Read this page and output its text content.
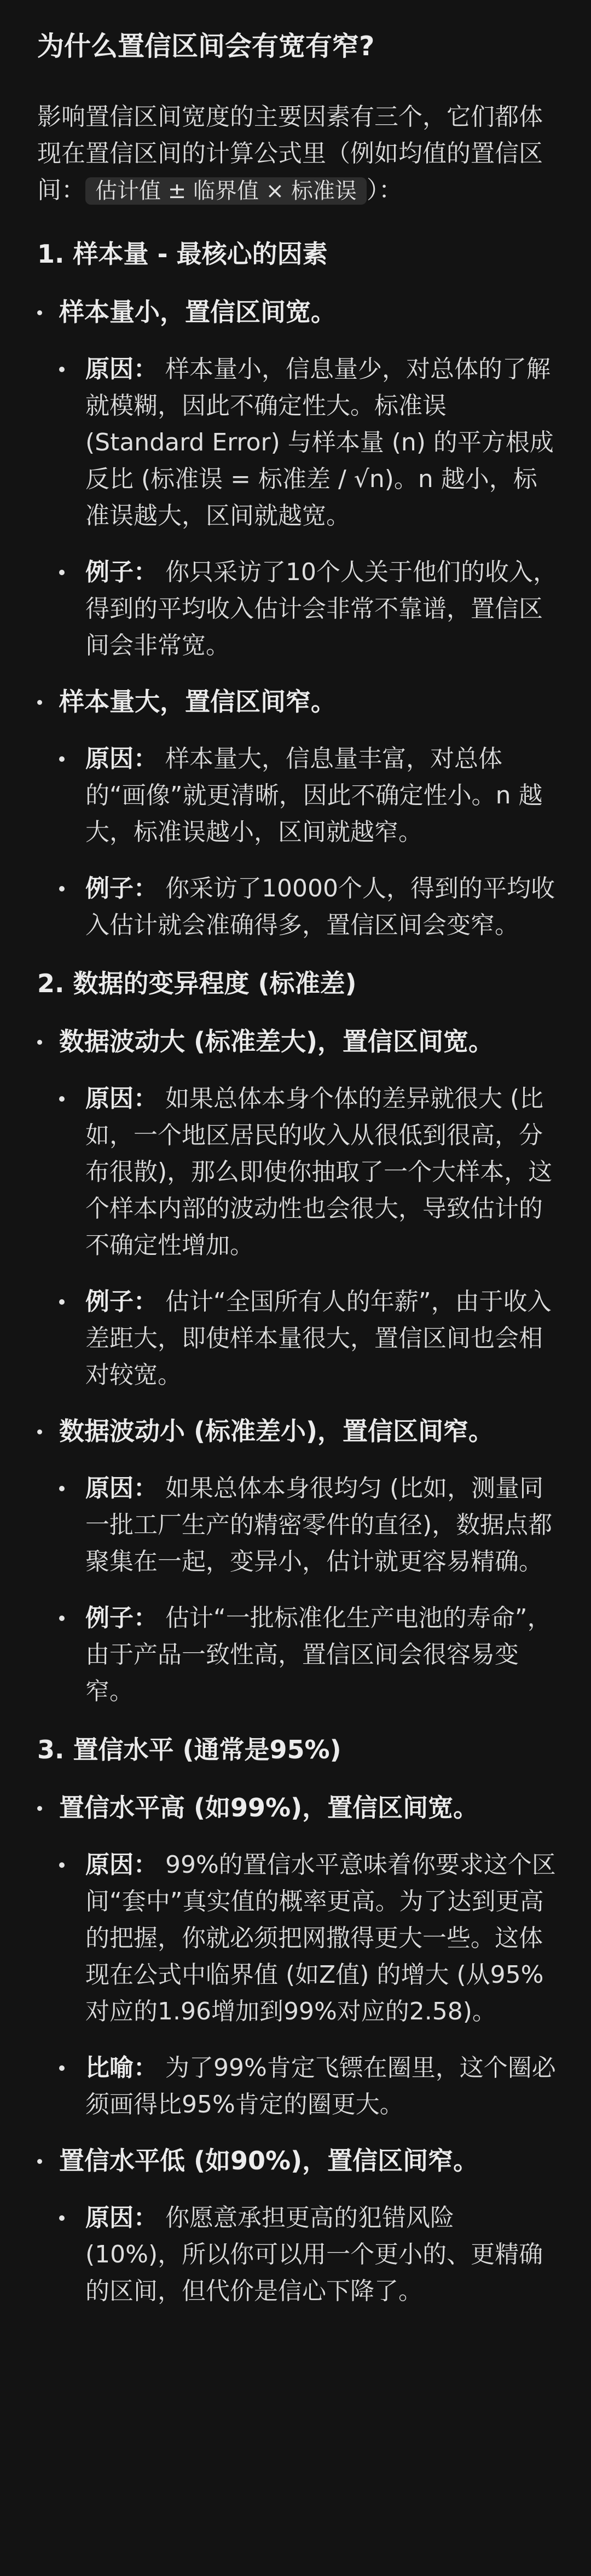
为什么置信区间会有宽有窄?
影响置信区间宽度的主要因素有三个，它们都体现在置信区间的计算公式里（例如均值的置信区间： 估计值 ± 临界值 × 标准误 ）：
1. 样本量 - 最核心的因素
样本量小，置信区间宽。
原因： 样本量小，信息量少，对总体的了解就模糊，因此不确定性大。标准误 (Standard Error) 与样本量 (n) 的平方根成反比 (标准误 = 标准差 / √n)。n 越小，标准误越大，区间就越宽。
例子： 你只采访了10个人关于他们的收入，得到的平均收入估计会非常不靠谱，置信区间会非常宽。
样本量大，置信区间窄。
原因： 样本量大，信息量丰富，对总体的“画像”就更清晰，因此不确定性小。n 越大，标准误越小，区间就越窄。
例子： 你采访了10000个人，得到的平均收入估计就会准确得多，置信区间会变窄。
2. 数据的变异程度 (标准差)
数据波动大 (标准差大)，置信区间宽。
原因： 如果总体本身个体的差异就很大 (比如，一个地区居民的收入从很低到很高，分布很散)，那么即使你抽取了一个大样本，这个样本内部的波动性也会很大，导致估计的不确定性增加。
例子： 估计“全国所有人的年薪”，由于收入差距大，即使样本量很大，置信区间也会相对较宽。
数据波动小 (标准差小)，置信区间窄。
原因： 如果总体本身很均匀 (比如，测量同一批工厂生产的精密零件的直径)，数据点都聚集在一起，变异小，估计就更容易精确。
例子： 估计“一批标准化生产电池的寿命”，由于产品一致性高，置信区间会很容易变窄。
3. 置信水平 (通常是95%)
置信水平高 (如99%)，置信区间宽。
原因： 99%的置信水平意味着你要求这个区间“套中”真实值的概率更高。为了达到更高的把握，你就必须把网撒得更大一些。这体现在公式中临界值 (如Z值) 的增大 (从95%对应的1.96增加到99%对应的2.58)。
比喻： 为了99%肯定飞镖在圈里，这个圈必须画得比95%肯定的圈更大。
置信水平低 (如90%)，置信区间窄。
原因： 你愿意承担更高的犯错风险 (10%)，所以你可以用一个更小的、更精确的区间，但代价是信心下降了。
